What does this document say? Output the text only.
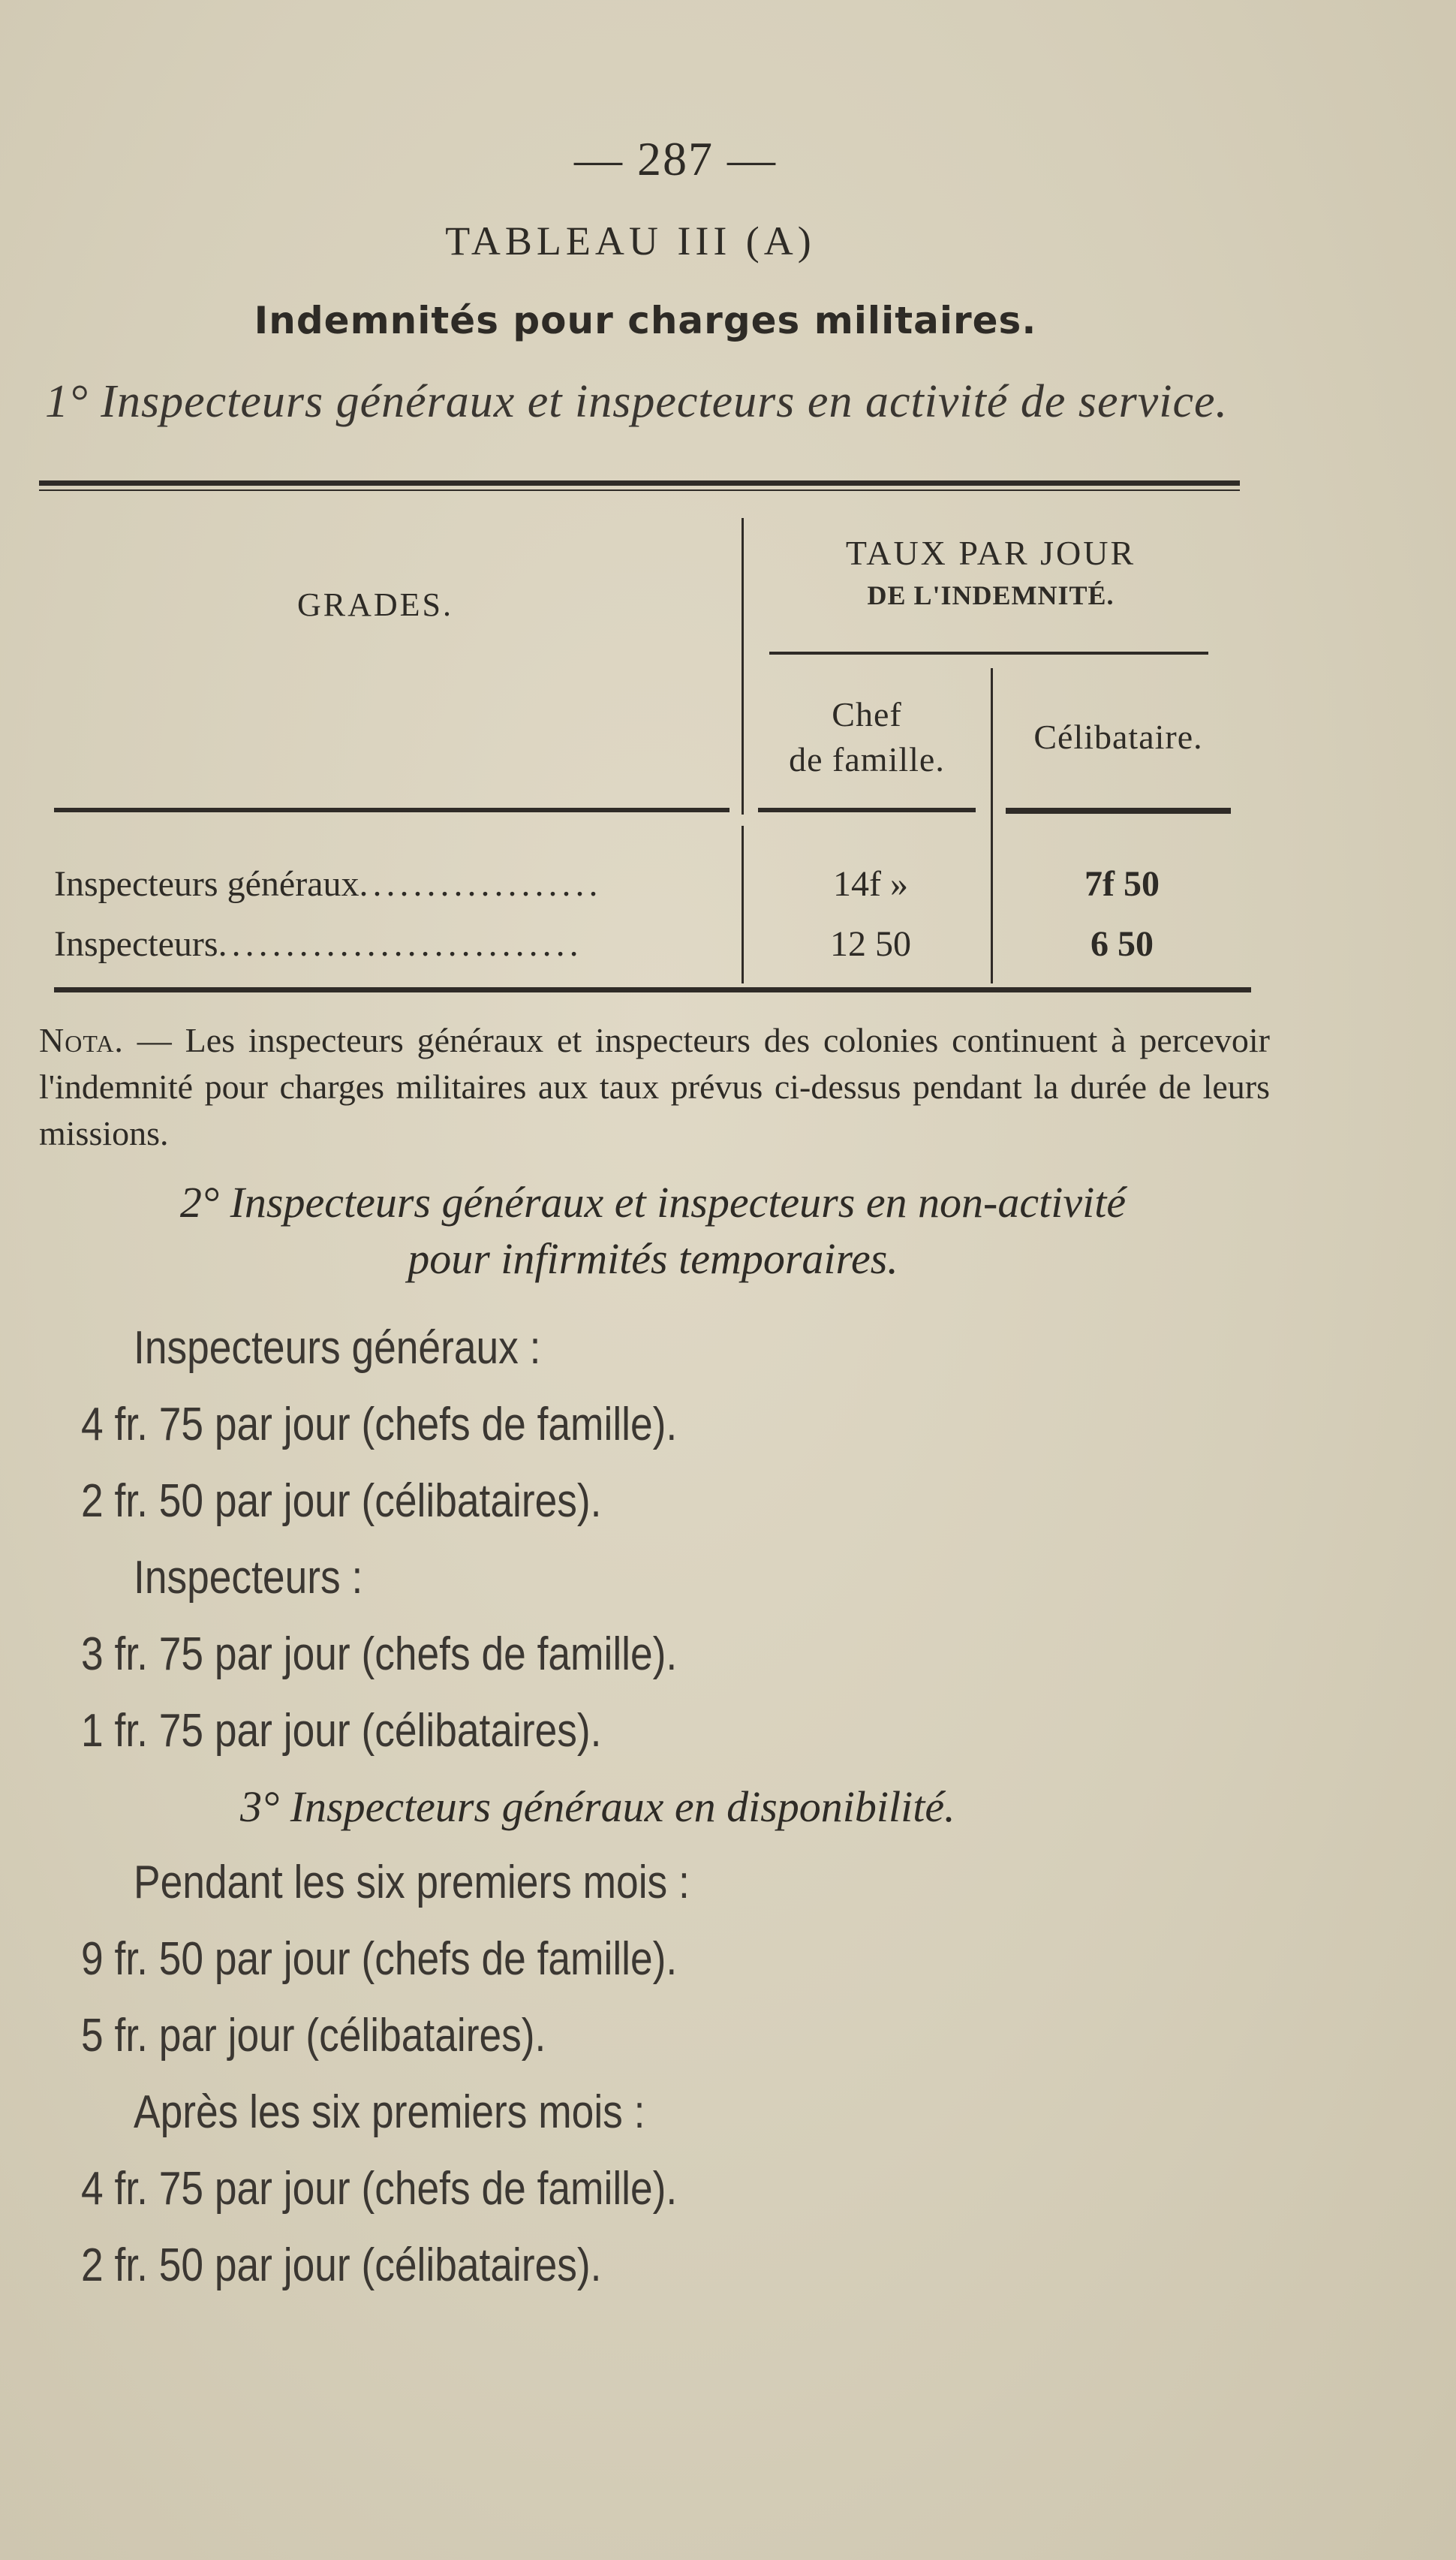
— 287 —
TABLEAU III (A)
Indemnités pour charges militaires.
1° Inspecteurs généraux et inspecteurs en activité de service.
GRADES.
TAUX PAR JOUR
DE L'INDEMNITÉ.
Chef
de famille.
Célibataire.
Inspecteurs généraux..................	14f »	7f 50
Inspecteurs...........................	12 50	6 50
Nota. — Les inspecteurs généraux et inspecteurs des colonies continuent à percevoir l'indemnité pour charges militaires aux taux prévus ci-dessus pendant la durée de leurs missions.
2° Inspecteurs généraux et inspecteurs en non-activité
pour infirmités temporaires.
Inspecteurs généraux :
4 fr. 75 par jour (chefs de famille).
2 fr. 50 par jour (célibataires).
Inspecteurs :
3 fr. 75 par jour (chefs de famille).
1 fr. 75 par jour (célibataires).
3° Inspecteurs généraux en disponibilité.
Pendant les six premiers mois :
9 fr. 50 par jour (chefs de famille).
5 fr. par jour (célibataires).
Après les six premiers mois :
4 fr. 75 par jour (chefs de famille).
2 fr. 50 par jour (célibataires).
